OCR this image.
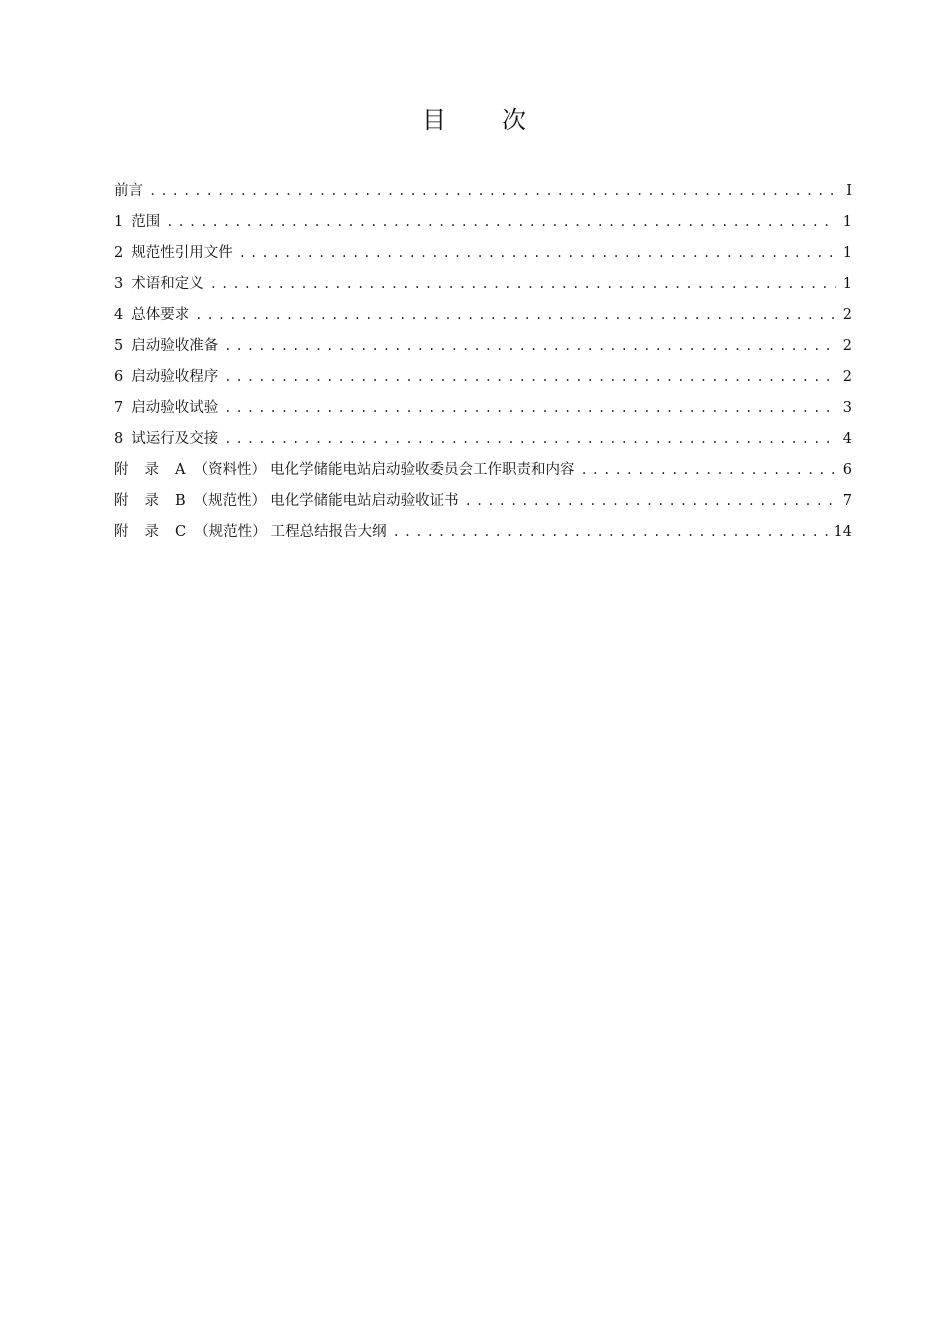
目 次
前言 .....	I
1 范围 .....	1
2 规范性引用文件 .....	1
3 术语和定义 .....	1
4 总体要求 .....	2
5 启动验收准备 .....	2
6 启动验收程序 .....	2
7 启动验收试验 .....	3
8 试运行及交接 .....	4
附 录 A （资料性） 电化学储能电站启动验收委员会工作职责和内容 .....	6
附 录 B （规范性） 电化学储能电站启动验收证书 .....	7
附 录 C （规范性） 工程总结报告大纲 .....	14
